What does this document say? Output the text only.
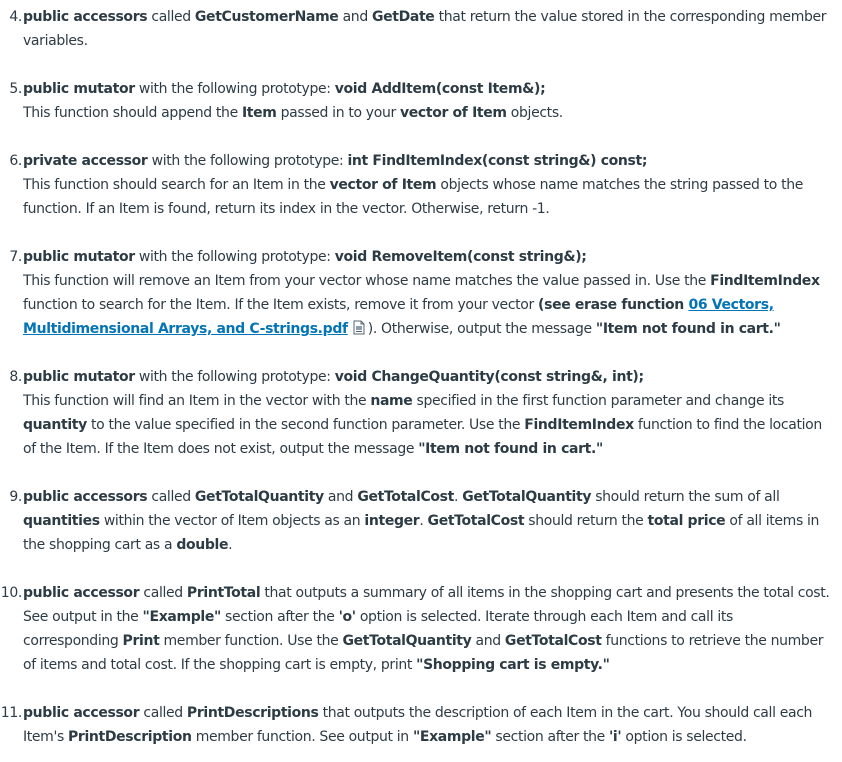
4 . public accessors called GetCustomerName and GetDate that return the value stored in the corresponding member
variables.
5 . public mutator with the following prototype: void AddItem(const Item&);
This function should append the Item passed in to your vector of Item objects.
6 . private accessor with the following prototype: int FindItemIndex(const string&) const;
This function should search for an Item in the vector of Item objects whose name matches the string passed to the
function. If an Item is found, return its index in the vector. Otherwise, return -1.
7 . public mutator with the following prototype: void RemoveItem(const string&);
This function will remove an Item from your vector whose name matches the value passed in. Use the FindItemIndex
function to search for the Item. If the Item exists, remove it from your vector (see erase function 06 Vectors,
Multidimensional Arrays, and C-strings.pdf ). Otherwise, output the message "Item not found in cart."
8 . public mutator with the following prototype: void ChangeQuantity(const string&, int);
This function will find an Item in the vector with the name specified in the first function parameter and change its
quantity to the value specified in the second function parameter. Use the FindItemIndex function to find the location
of the Item. If the Item does not exist, output the message "Item not found in cart."
9 . public accessors called GetTotalQuantity and GetTotalCost. GetTotalQuantity should return the sum of all
quantities within the vector of Item objects as an integer. GetTotalCost should return the total price of all items in
the shopping cart as a double.
10 . public accessor called PrintTotal that outputs a summary of all items in the shopping cart and presents the total cost.
See output in the "Example" section after the 'o' option is selected. Iterate through each Item and call its
corresponding Print member function. Use the GetTotalQuantity and GetTotalCost functions to retrieve the number
of items and total cost. If the shopping cart is empty, print "Shopping cart is empty."
11 . public accessor called PrintDescriptions that outputs the description of each Item in the cart. You should call each
Item's PrintDescription member function. See output in "Example" section after the 'i' option is selected.
